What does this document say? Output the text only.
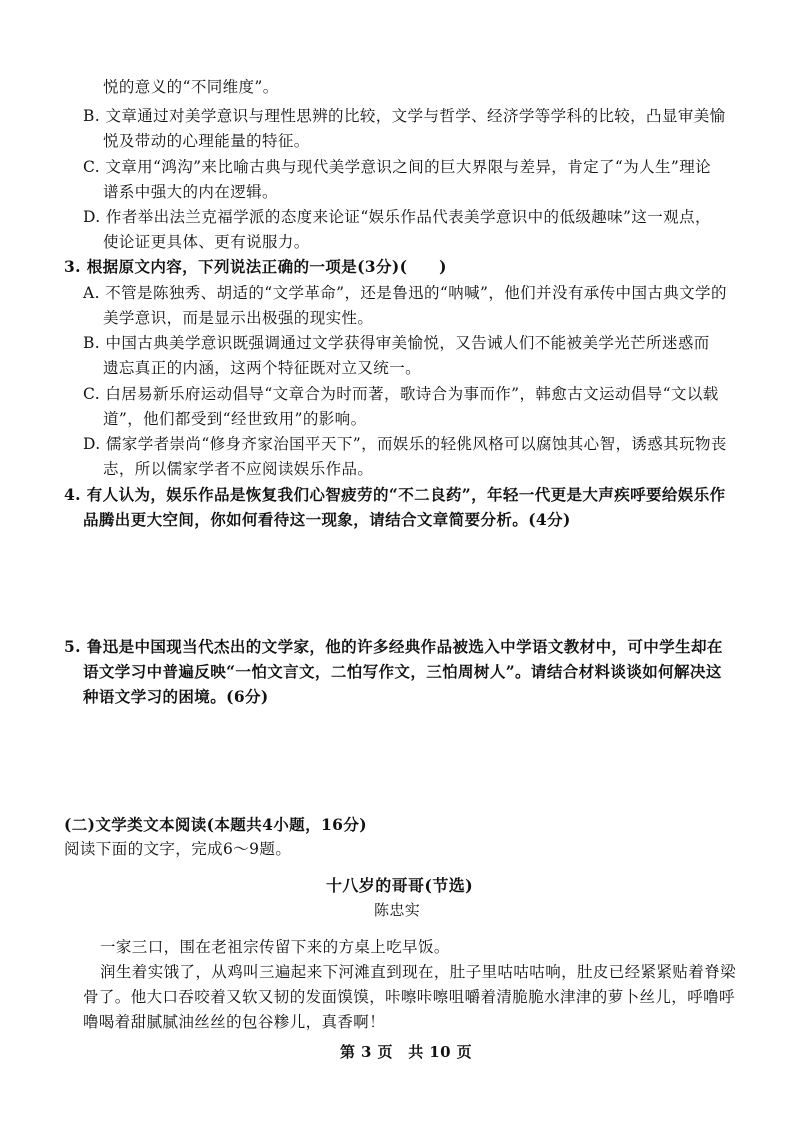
悦的意义的“不同维度”。
B. 文章通过对美学意识与理性思辨的比较，文学与哲学、经济学等学科的比较，凸显审美愉
悦及带动的心理能量的特征。
C. 文章用“鸿沟”来比喻古典与现代美学意识之间的巨大界限与差异，肯定了“为人生”理论
谱系中强大的内在逻辑。
D. 作者举出法兰克福学派的态度来论证“娱乐作品代表美学意识中的低级趣味”这一观点，
使论证更具体、更有说服力。
3. 根据原文内容，下列说法正确的一项是(3分)(　　)
A. 不管是陈独秀、胡适的“文学革命”，还是鲁迅的“呐喊”，他们并没有承传中国古典文学的
美学意识，而是显示出极强的现实性。
B. 中国古典美学意识既强调通过文学获得审美愉悦，又告诫人们不能被美学光芒所迷惑而
遗忘真正的内涵，这两个特征既对立又统一。
C. 白居易新乐府运动倡导“文章合为时而著，歌诗合为事而作”，韩愈古文运动倡导“文以载
道”，他们都受到“经世致用”的影响。
D. 儒家学者崇尚“修身齐家治国平天下”，而娱乐的轻佻风格可以腐蚀其心智，诱惑其玩物丧
志，所以儒家学者不应阅读娱乐作品。
4. 有人认为，娱乐作品是恢复我们心智疲劳的“不二良药”，年轻一代更是大声疾呼要给娱乐作
品腾出更大空间，你如何看待这一现象，请结合文章简要分析。(4分)
5. 鲁迅是中国现当代杰出的文学家，他的许多经典作品被选入中学语文教材中，可中学生却在
语文学习中普遍反映“一怕文言文，二怕写作文，三怕周树人”。请结合材料谈谈如何解决这
种语文学习的困境。(6分)
(二)文学类文本阅读(本题共4小题，16分)
阅读下面的文字，完成6～9题。
十八岁的哥哥(节选)
陈忠实
一家三口，围在老祖宗传留下来的方桌上吃早饭。
润生着实饿了，从鸡叫三遍起来下河滩直到现在，肚子里咕咕咕响，肚皮已经紧紧贴着脊梁
骨了。他大口吞咬着又软又韧的发面馍馍，咔嚓咔嚓咀嚼着清脆脆水津津的萝卜丝儿，呼噜呼
噜喝着甜腻腻油丝丝的包谷糁儿，真香啊！
第 3 页　共 10 页
